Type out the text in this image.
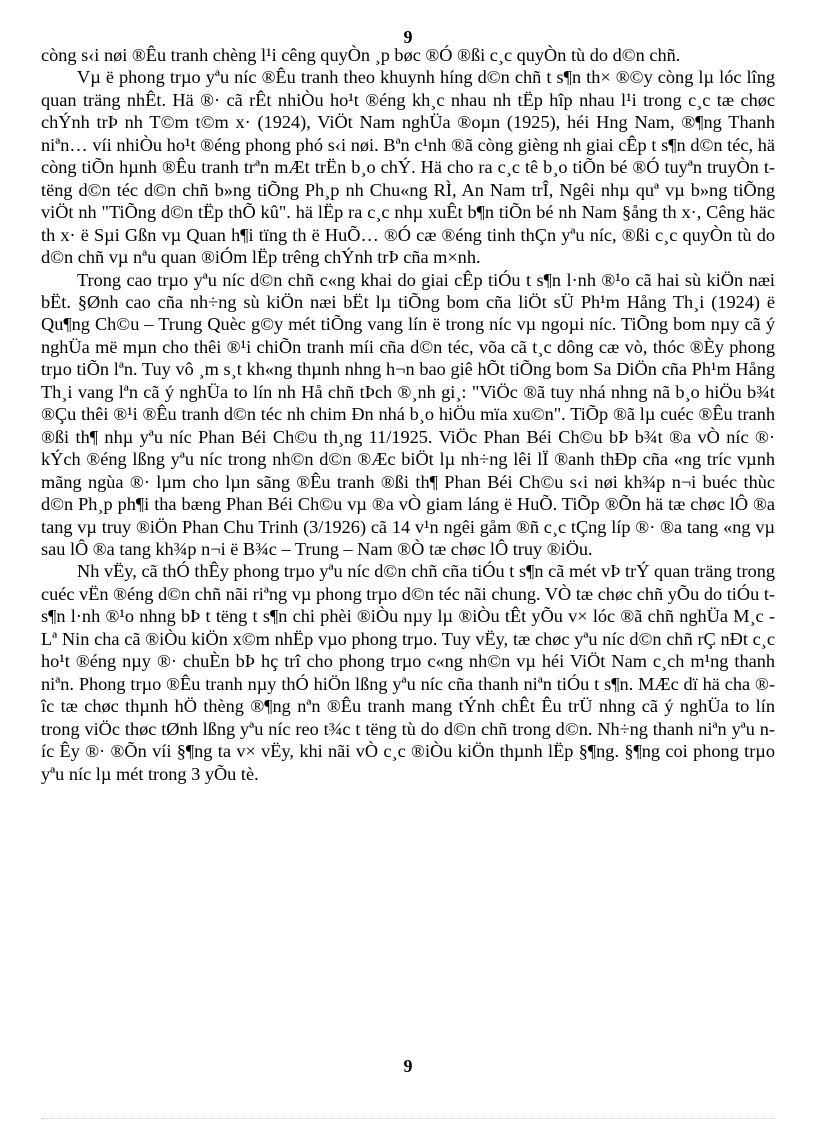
9

còng s‹i nøi ®Êu tranh chèng l¹i cêng quyÒn ¸p bøc ®Ó ®ßi c¸c quyÒn tù do d©n chñ.

Vµ ë phong trµo yªu níc ®Êu tranh theo khuynh híng d©n chñ t s¶n th× ®©y còng lµ lóc lîng quan träng nhÊt. Hä ®· cã rÊt nhiÒu ho¹t ®éng kh¸c nhau nh tËp hîp nhau l¹i trong c¸c tæ chøc chÝnh trÞ nh T©m t©m x· (1924), ViÖt Nam nghÜa ®oµn (1925), héi Hng Nam, ®¶ng Thanh niªn… víi nhiÒu ho¹t ®éng phong phó s‹i nøi. Bªn c¹nh ®ã còng gièng nh giai cÊp t s¶n d©n téc, hä còng tiÕn hµnh ®Êu tranh trªn mÆt trËn b¸o chÝ. Hä cho ra c¸c tê b¸o tiÕn bé ®Ó tuyªn truyÒn t tëng d©n téc d©n chñ b»ng tiÕng Ph¸p nh Chu«ng RÌ, An Nam trÎ, Ngêi nhµ quª vµ b»ng tiÕng viÖt nh "TiÕng d©n tËp thÕ kû". hä lËp ra c¸c nhµ xuÊt b¶n tiÕn bé nh Nam §ång th x·, Cêng häc th x· ë Sµi Gßn vµ Quan h¶i tïng th ë HuÕ… ®Ó cæ ®éng tinh thÇn yªu níc, ®ßi c¸c quyÒn tù do d©n chñ vµ nªu quan ®iÓm lËp trêng chÝnh trÞ cña m×nh.

Trong cao trµo yªu níc d©n chñ c«ng khai do giai cÊp tiÓu t s¶n l·nh ®¹o cã hai sù kiÖn næi bËt. §Ønh cao cña nh÷ng sù kiÖn næi bËt lµ tiÕng bom cña liÖt sÜ Ph¹m Hång Th¸i (1924) ë Qu¶ng Ch©u – Trung Quèc g©y mét tiÕng vang lín ë trong níc vµ ngoµi níc. TiÕng bom nµy cã ý nghÜa më mµn cho thêi ®¹i chiÕn tranh míi cña d©n téc, võa cã t¸c dông cæ vò, thóc ®Èy phong trµo tiÕn lªn. Tuy vô ¸m s¸t kh«ng thµnh nhng h¬n bao giê hÕt tiÕng bom Sa DiÖn cña Ph¹m Hång Th¸i vang lªn cã ý nghÜa to lín nh Hå chñ tÞch ®¸nh gi¸: "ViÖc ®ã tuy nhá nhng nã b¸o hiÖu b¾t ®Çu thêi ®¹i ®Êu tranh d©n téc nh chim Ðn nhá b¸o hiÖu mïa xu©n". TiÕp ®ã lµ cuéc ®Êu tranh ®ßi th¶ nhµ yªu níc Phan Béi Ch©u th¸ng 11/1925. ViÖc Phan Béi Ch©u bÞ b¾t ®a vÒ níc ®· kÝch ®éng lßng yªu níc trong nh©n d©n ®Æc biÖt lµ nh÷ng lêi lÏ ®anh thÐp cña «ng tríc vµnh mãng ngùa ®· lµm cho lµn sãng ®Êu tranh ®ßi th¶ Phan Béi Ch©u s‹i nøi kh¾p n¬i buéc thùc d©n Ph¸p ph¶i tha bæng Phan Béi Ch©u vµ ®a vÒ giam láng ë HuÕ. TiÕp ®Õn hä tæ chøc lÔ ®a tang vµ truy ®iÖn Phan Chu Trinh (3/1926) cã 14 v¹n ngêi gåm ®ñ c¸c tÇng líp ®· ®a tang «ng vµ sau lÔ ®a tang kh¾p n¬i ë B¾c – Trung – Nam ®Ò tæ chøc lÔ truy ®iÖu.

Nh vËy, cã thÓ thÊy phong trµo yªu níc d©n chñ cña tiÓu t s¶n cã mét vÞ trÝ quan träng trong cuéc vËn ®éng d©n chñ nãi riªng vµ phong trµo d©n téc nãi chung. VÒ tæ chøc chñ yÕu do tiÓu t s¶n l·nh ®¹o nhng bÞ t tëng t s¶n chi phèi ®iÒu nµy lµ ®iÒu tÊt yÕu v× lóc ®ã chñ nghÜa M¸c - Lª Nin cha cã ®iÒu kiÖn x©m nhËp vµo phong trµo. Tuy vËy, tæ chøc yªu níc d©n chñ rÇ nÐt c¸c ho¹t ®éng nµy ®· chuÈn bÞ hç trî cho phong trµo c«ng nh©n vµ héi ViÖt Nam c¸ch m¹ng thanh niªn. Phong trµo ®Êu tranh nµy thÓ hiÖn lßng yªu níc cña thanh niªn tiÓu t s¶n. MÆc dï hä cha ®îc tæ chøc thµnh hÖ thèng ®¶ng nªn ®Êu tranh mang tÝnh chÊt Êu trÜ nhng cã ý nghÜa to lín trong viÖc thøc tØnh lßng yªu níc reo t¾c t tëng tù do d©n chñ trong d©n. Nh÷ng thanh niªn yªu níc Êy ®· ®Õn víi §¶ng ta v× vËy, khi nãi vÒ c¸c ®iÒu kiÖn thµnh lËp §¶ng. §¶ng coi phong trµo yªu níc lµ mét trong 3 yÕu tè.

9
